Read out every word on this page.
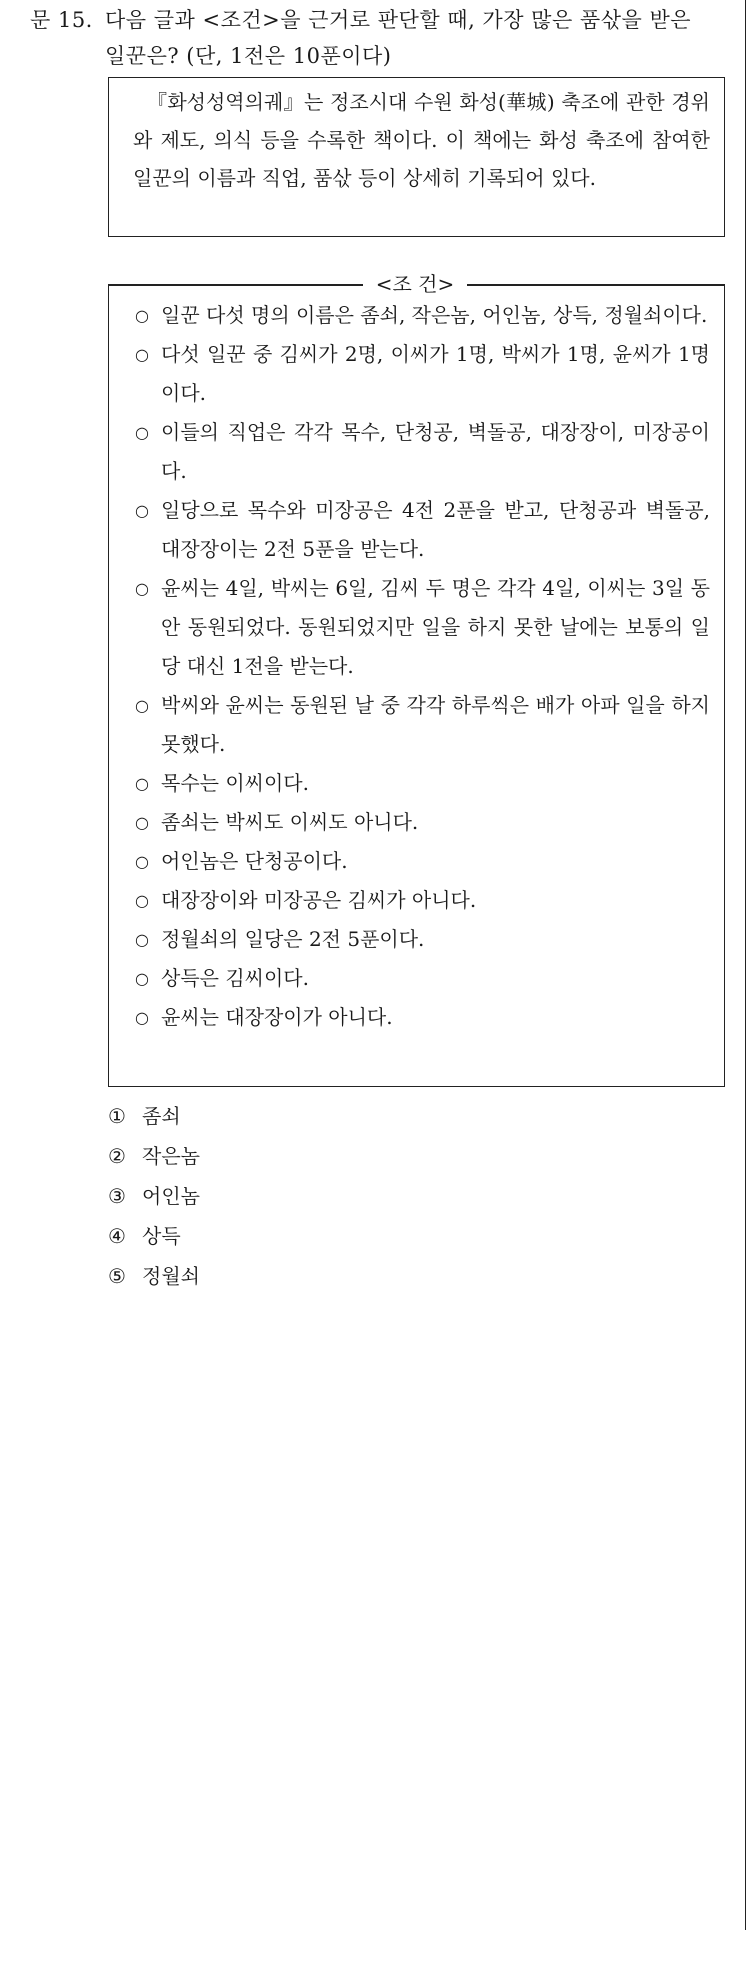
문 15. 다음 글과 <조건>을 근거로 판단할 때, 가장 많은 품삯을 받은
일꾼은? (단, 1전은 10푼이다)

『화성성역의궤』는 정조시대 수원 화성(華城) 축조에 관한 경위와 제도, 의식 등을 수록한 책이다. 이 책에는 화성 축조에 참여한 일꾼의 이름과 직업, 품삯 등이 상세히 기록되어 있다.

<조 건>
○ 일꾼 다섯 명의 이름은 좀쇠, 작은놈, 어인놈, 상득, 정월쇠이다.
○ 다섯 일꾼 중 김씨가 2명, 이씨가 1명, 박씨가 1명, 윤씨가 1명이다.
○ 이들의 직업은 각각 목수, 단청공, 벽돌공, 대장장이, 미장공이다.
○ 일당으로 목수와 미장공은 4전 2푼을 받고, 단청공과 벽돌공, 대장장이는 2전 5푼을 받는다.
○ 윤씨는 4일, 박씨는 6일, 김씨 두 명은 각각 4일, 이씨는 3일 동안 동원되었다. 동원되었지만 일을 하지 못한 날에는 보통의 일당 대신 1전을 받는다.
○ 박씨와 윤씨는 동원된 날 중 각각 하루씩은 배가 아파 일을 하지 못했다.
○ 목수는 이씨이다.
○ 좀쇠는 박씨도 이씨도 아니다.
○ 어인놈은 단청공이다.
○ 대장장이와 미장공은 김씨가 아니다.
○ 정월쇠의 일당은 2전 5푼이다.
○ 상득은 김씨이다.
○ 윤씨는 대장장이가 아니다.
① 좀쇠
② 작은놈
③ 어인놈
④ 상득
⑤ 정월쇠
